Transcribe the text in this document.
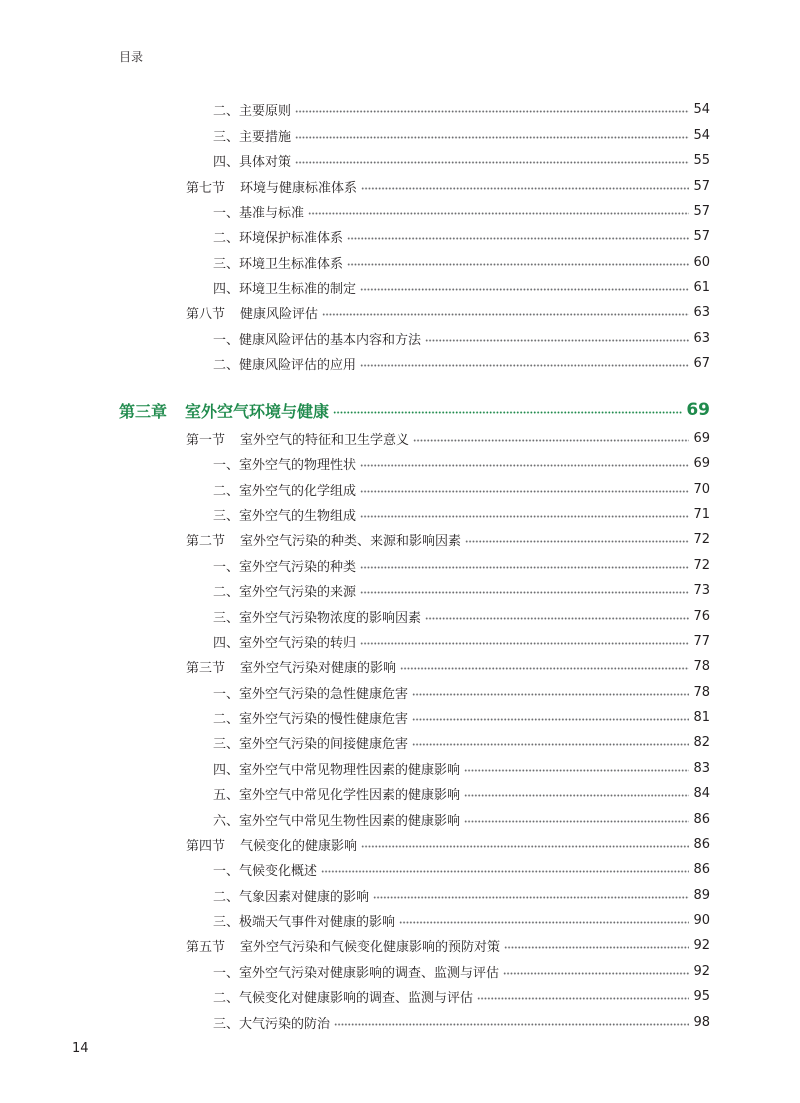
目录
二、主要原则	54
三、主要措施	54
四、具体对策	55
第七节 环境与健康标准体系	57
一、基准与标准	57
二、环境保护标准体系	57
三、环境卫生标准体系	60
四、环境卫生标准的制定	61
第八节 健康风险评估	63
一、健康风险评估的基本内容和方法	63
二、健康风险评估的应用	67
第三章 室外空气环境与健康	69
第一节 室外空气的特征和卫生学意义	69
一、室外空气的物理性状	69
二、室外空气的化学组成	70
三、室外空气的生物组成	71
第二节 室外空气污染的种类、来源和影响因素	72
一、室外空气污染的种类	72
二、室外空气污染的来源	73
三、室外空气污染物浓度的影响因素	76
四、室外空气污染的转归	77
第三节 室外空气污染对健康的影响	78
一、室外空气污染的急性健康危害	78
二、室外空气污染的慢性健康危害	81
三、室外空气污染的间接健康危害	82
四、室外空气中常见物理性因素的健康影响	83
五、室外空气中常见化学性因素的健康影响	84
六、室外空气中常见生物性因素的健康影响	86
第四节 气候变化的健康影响	86
一、气候变化概述	86
二、气象因素对健康的影响	89
三、极端天气事件对健康的影响	90
第五节 室外空气污染和气候变化健康影响的预防对策	92
一、室外空气污染对健康影响的调查、监测与评估	92
二、气候变化对健康影响的调查、监测与评估	95
三、大气污染的防治	98
14
